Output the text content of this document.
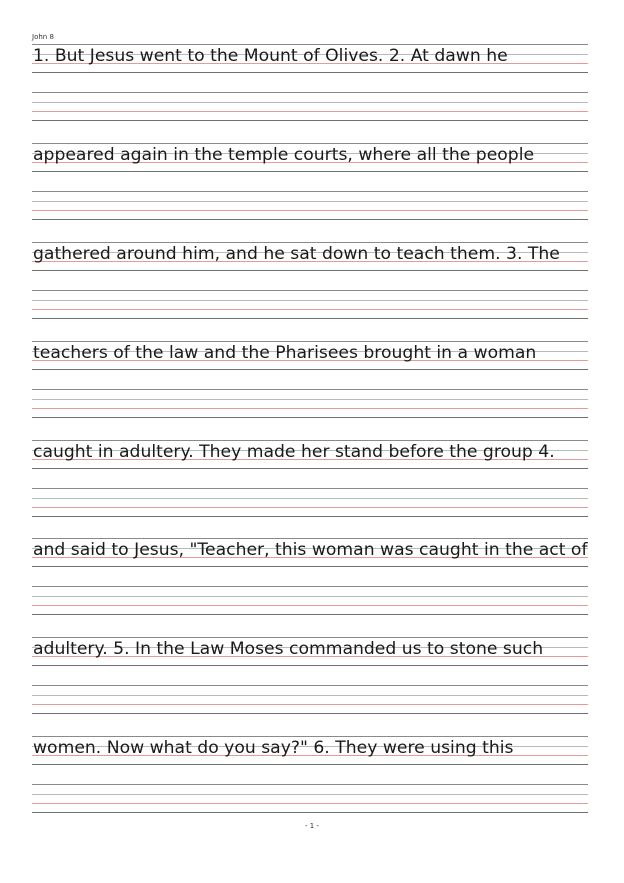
John 8
1. But Jesus went to the Mount of Olives. 2. At dawn he
appeared again in the temple courts, where all the people
gathered around him, and he sat down to teach them. 3. The
teachers of the law and the Pharisees brought in a woman
caught in adultery. They made her stand before the group 4.
and said to Jesus, "Teacher, this woman was caught in the act of
adultery. 5. In the Law Moses commanded us to stone such
women. Now what do you say?" 6. They were using this
- 1 -
